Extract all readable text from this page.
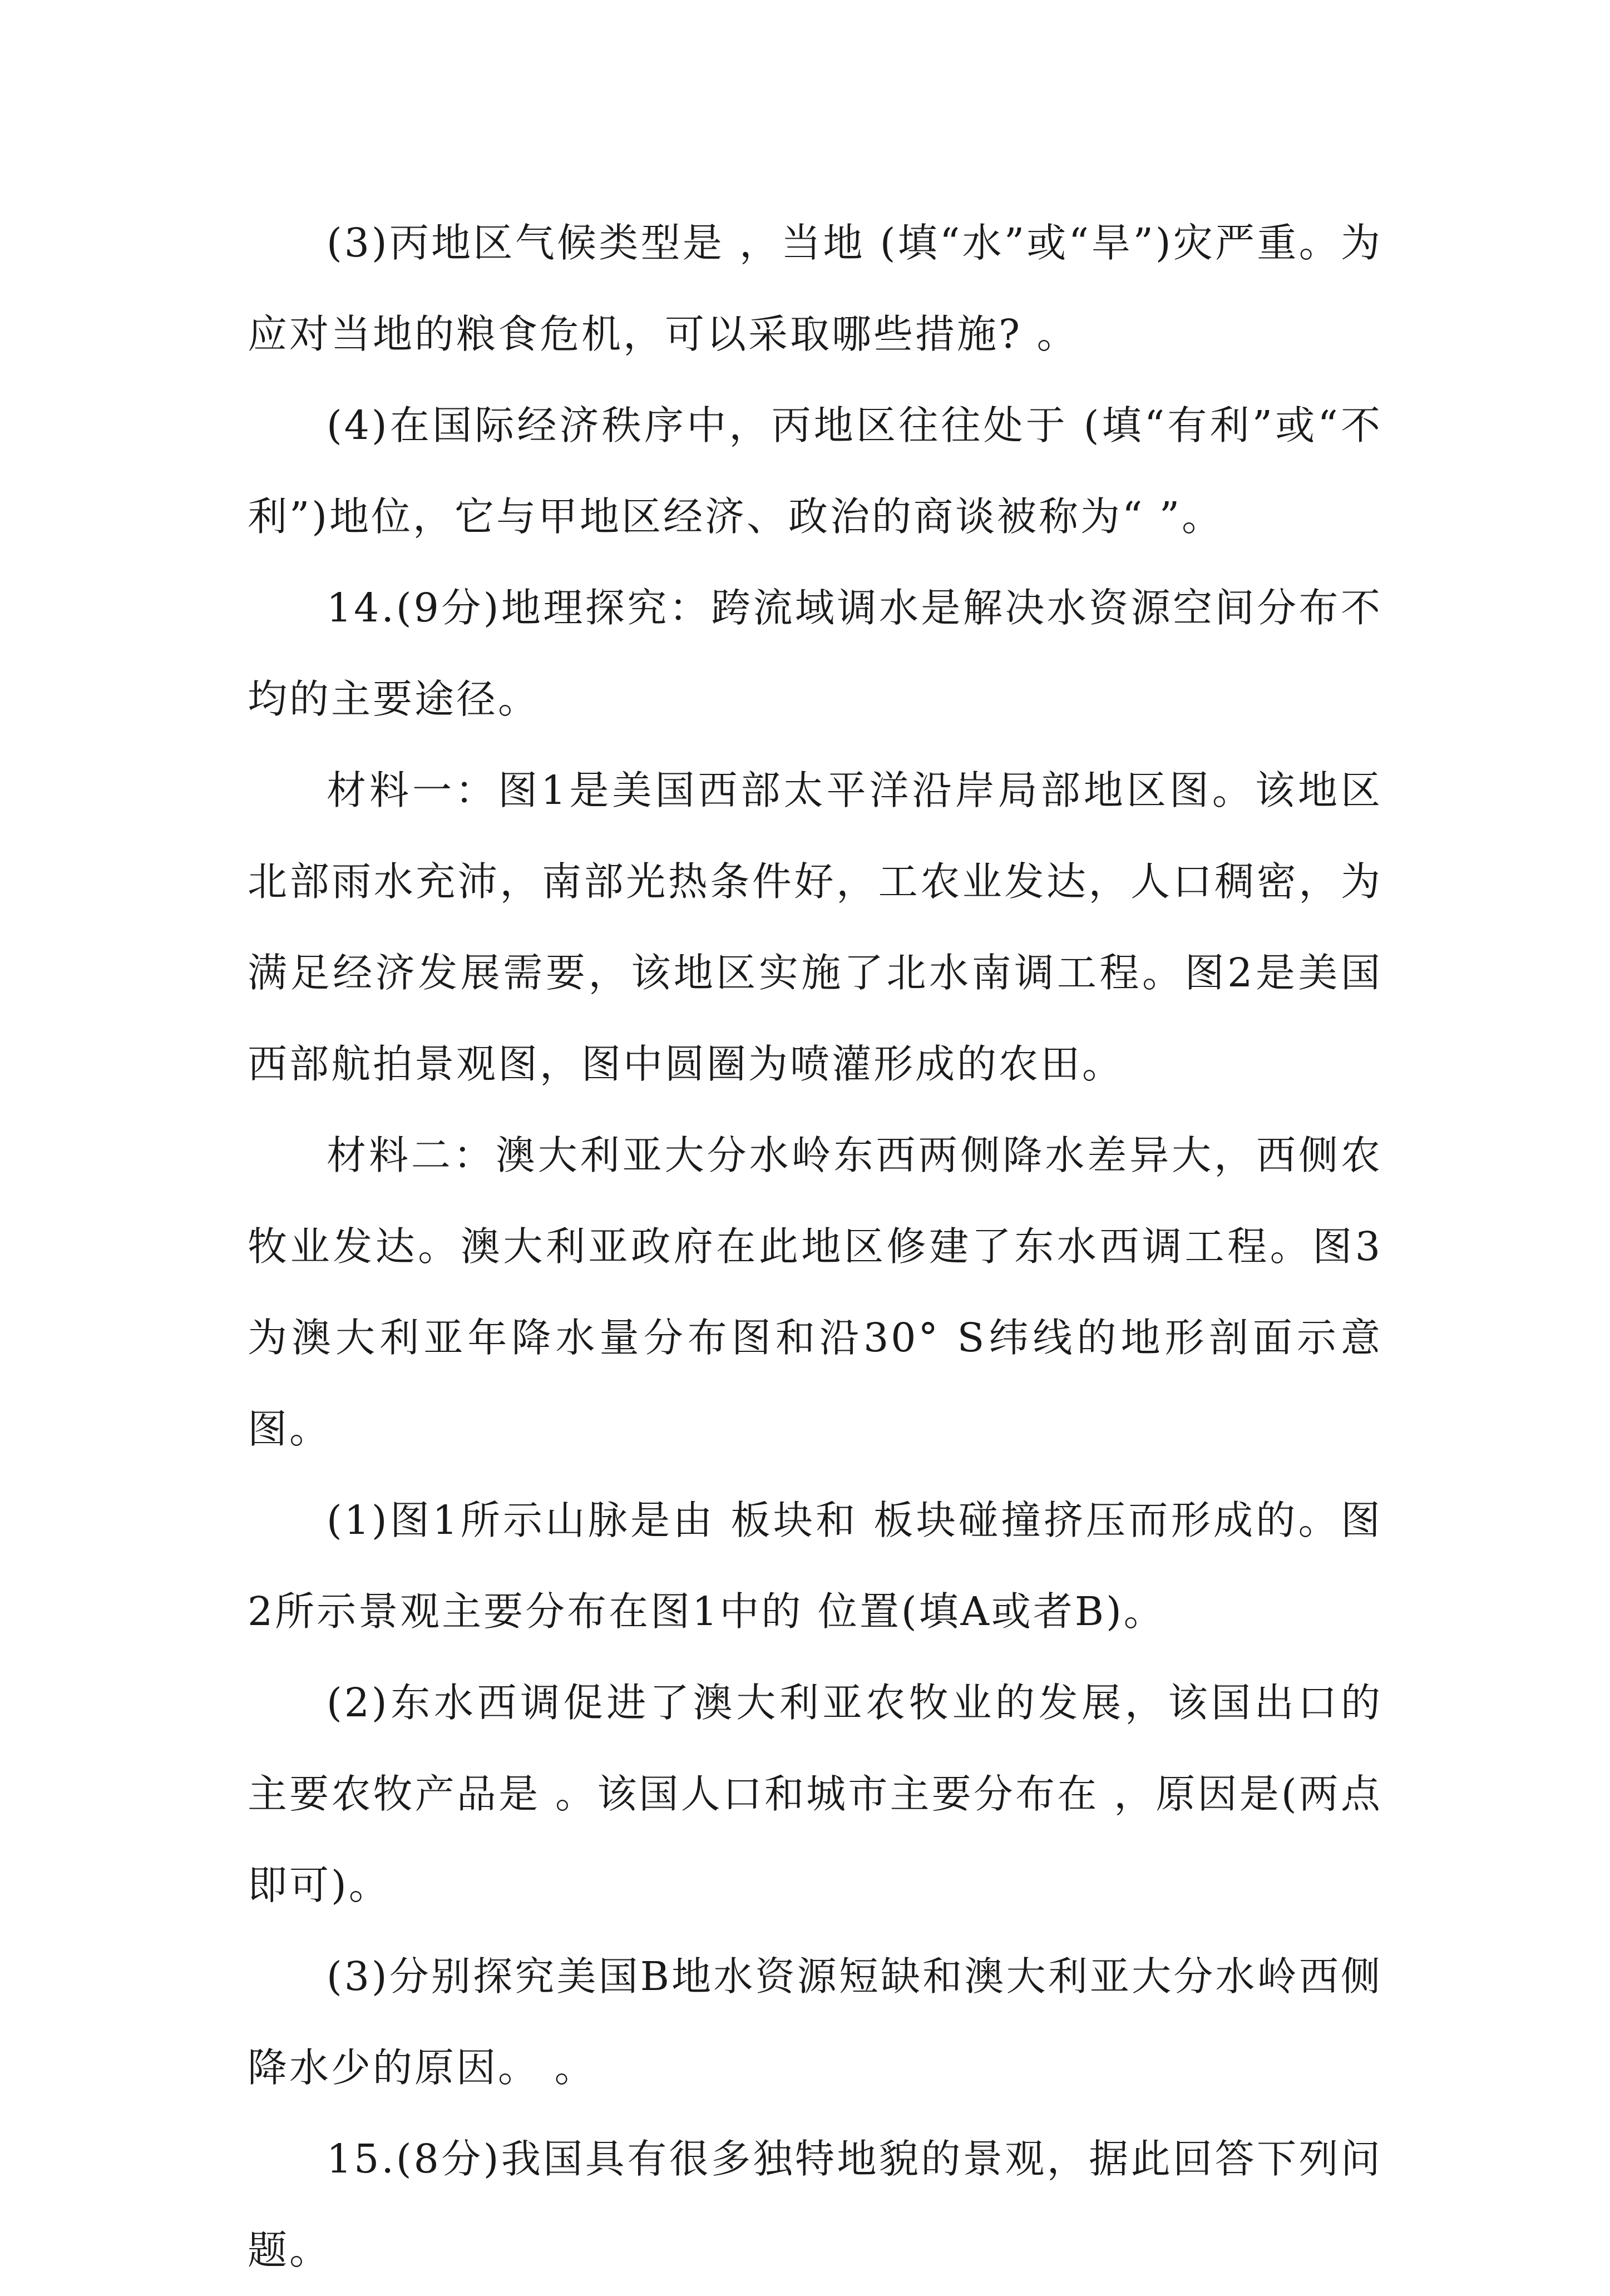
(3)丙地区气候类型是 ，当地 (填“水”或“旱”)灾严重。为应对当地的粮食危机，可以采取哪些措施? 。

(4)在国际经济秩序中，丙地区往往处于 (填“有利”或“不利”)地位，它与甲地区经济、政治的商谈被称为“ ”。

14.(9分)地理探究：跨流域调水是解决水资源空间分布不均的主要途径。

材料一：图1是美国西部太平洋沿岸局部地区图。该地区北部雨水充沛，南部光热条件好，工农业发达，人口稠密，为满足经济发展需要，该地区实施了北水南调工程。图2是美国西部航拍景观图，图中圆圈为喷灌形成的农田。

材料二：澳大利亚大分水岭东西两侧降水差异大，西侧农牧业发达。澳大利亚政府在此地区修建了东水西调工程。图3为澳大利亚年降水量分布图和沿30° S纬线的地形剖面示意图。

(1)图1所示山脉是由 板块和 板块碰撞挤压而形成的。图2所示景观主要分布在图1中的 位置(填A或者B)。

(2)东水西调促进了澳大利亚农牧业的发展，该国出口的主要农牧产品是 。该国人口和城市主要分布在 ，原因是(两点即可)。

(3)分别探究美国B地水资源短缺和澳大利亚大分水岭西侧降水少的原因。 。

15.(8分)我国具有很多独特地貌的景观，据此回答下列问题。
